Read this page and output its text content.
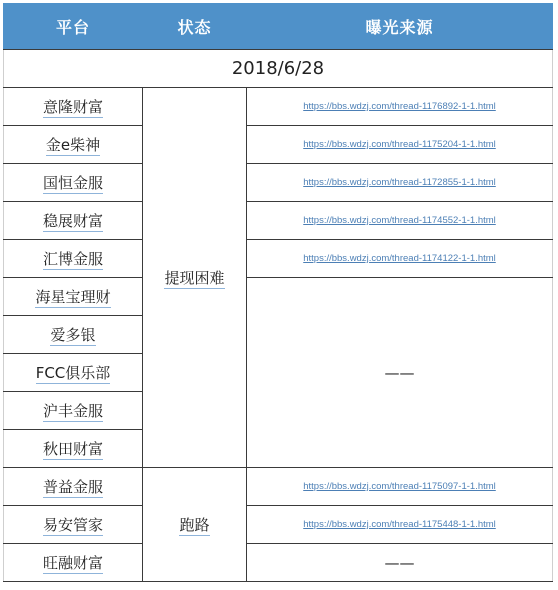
平台	状态	曝光来源
2018/6/28		
意隆财富	提现困难	https://bbs.wdzj.com/thread-1176892-1-1.html
金e柴神		https://bbs.wdzj.com/thread-1175204-1-1.html
国恒金服		https://bbs.wdzj.com/thread-1172855-1-1.html
稳展财富		https://bbs.wdzj.com/thread-1174552-1-1.html
汇博金服		https://bbs.wdzj.com/thread-1174122-1-1.html
海星宝理财		——
爱多银		
FCC俱乐部		
沪丰金服		
秋田财富		
普益金服	跑路	https://bbs.wdzj.com/thread-1175097-1-1.html
易安管家		https://bbs.wdzj.com/thread-1175448-1-1.html
旺融财富		——
